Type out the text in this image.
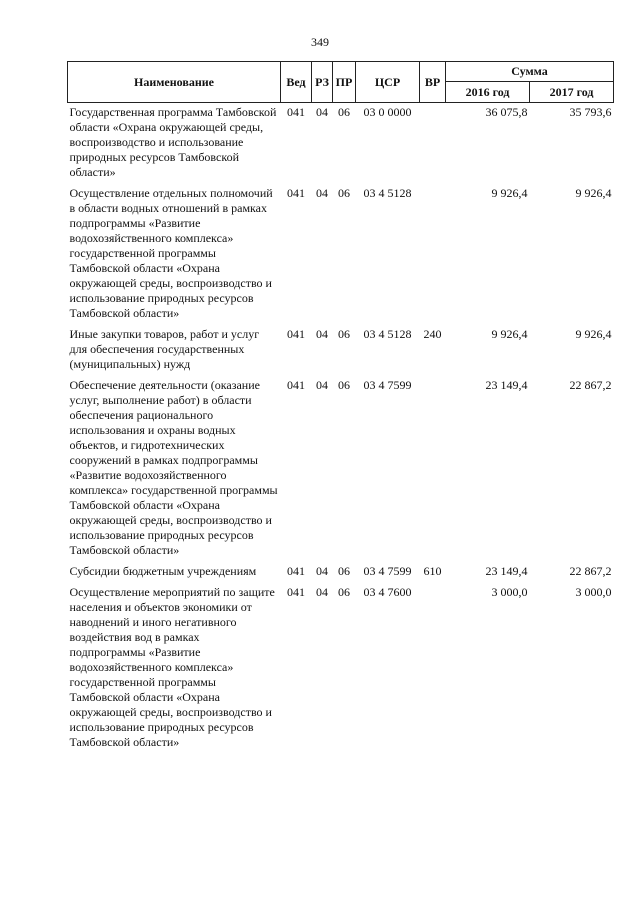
349
Наименование	Вед	РЗ	ПР	ЦСР	ВР	Сумма	
						2016 год	2017 год
Государственная программа Тамбовской области «Охрана окружающей среды, воспроизводство и использование природных ресурсов Тамбовской области»	041	04	06	03 0 0000		36 075,8	35 793,6
Осуществление отдельных полномочий в области водных отношений в рамках подпрограммы «Развитие водохозяйственного комплекса» государственной программы Тамбовской области «Охрана окружающей среды, воспроизводство и использование природных ресурсов Тамбовской области»	041	04	06	03 4 5128		9 926,4	9 926,4
Иные закупки товаров, работ и услуг для обеспечения государственных (муниципальных) нужд	041	04	06	03 4 5128	240	9 926,4	9 926,4
Обеспечение деятельности (оказание услуг, выполнение работ) в области обеспечения рационального использования и охраны водных объектов, и гидротехнических сооружений в рамках подпрограммы «Развитие водохозяйственного комплекса» государственной программы Тамбовской области «Охрана окружающей среды, воспроизводство и использование природных ресурсов Тамбовской области»	041	04	06	03 4 7599		23 149,4	22 867,2
Субсидии бюджетным учреждениям	041	04	06	03 4 7599	610	23 149,4	22 867,2
Осуществление мероприятий по защите населения и объектов экономики от наводнений и иного негативного воздействия вод в рамках подпрограммы «Развитие водохозяйственного комплекса» государственной программы Тамбовской области «Охрана окружающей среды, воспроизводство и использование природных ресурсов Тамбовской области»	041	04	06	03 4 7600		3 000,0	3 000,0
